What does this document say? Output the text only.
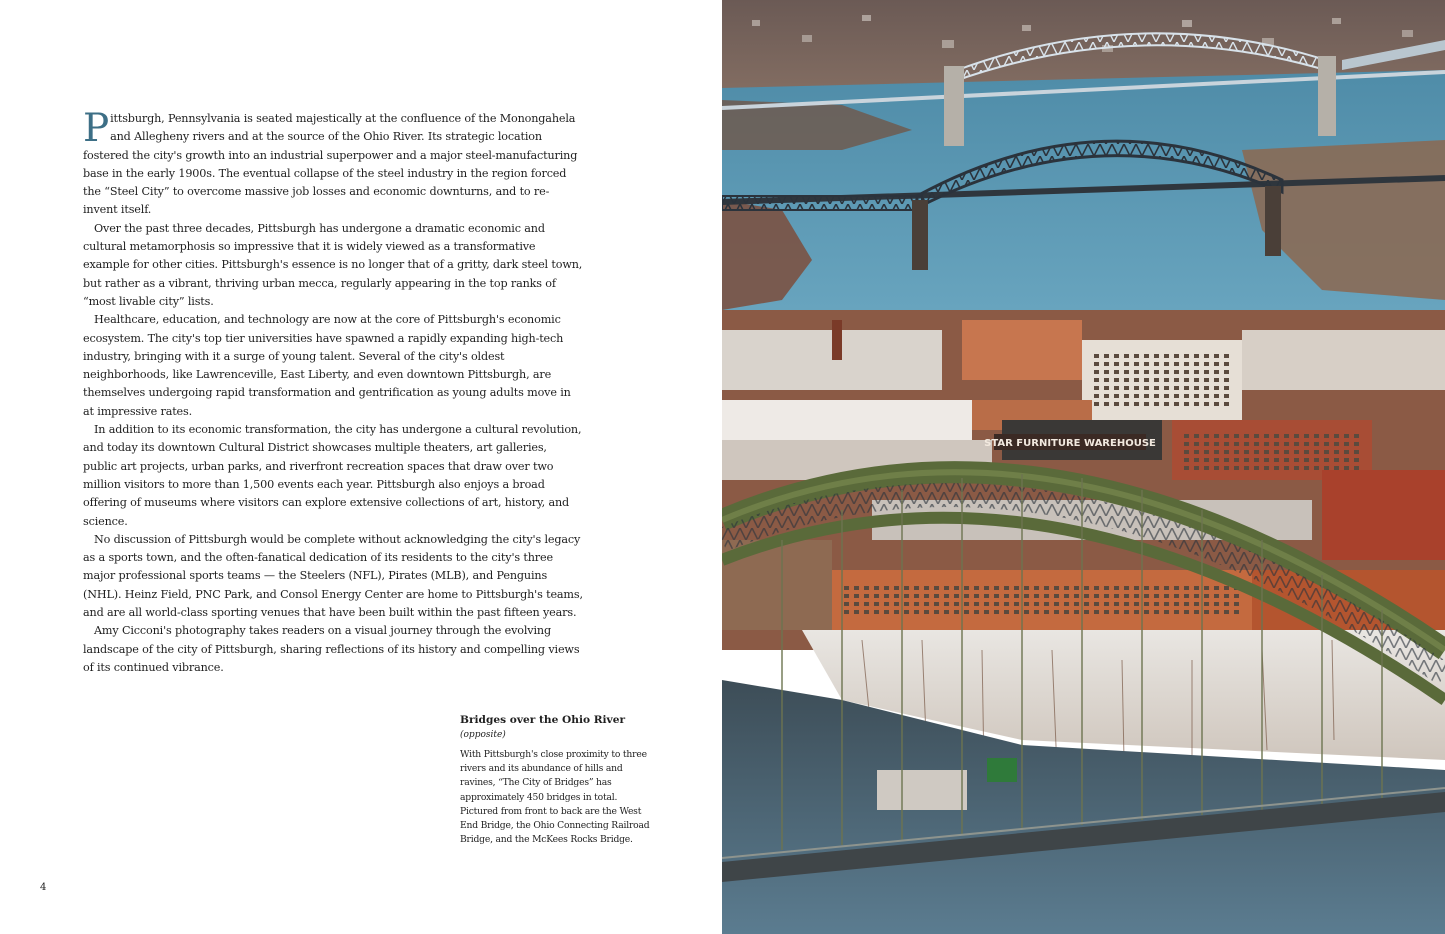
Pittsburgh, Pennsylvania is seated majestically at the confluence of the Monongahela and Allegheny rivers and at the source of the Ohio River. Its strategic location fostered the city's growth into an industrial superpower and a major steel-manufacturing base in the early 1900s. The eventual collapse of the steel industry in the region forced the “Steel City” to overcome massive job losses and economic downturns, and to re-invent itself.

Over the past three decades, Pittsburgh has undergone a dramatic economic and cultural metamorphosis so impressive that it is widely viewed as a transformative example for other cities. Pittsburgh's essence is no longer that of a gritty, dark steel town, but rather as a vibrant, thriving urban mecca, regularly appearing in the top ranks of “most livable city” lists.

Healthcare, education, and technology are now at the core of Pittsburgh's economic ecosystem. The city's top tier universities have spawned a rapidly expanding high-tech industry, bringing with it a surge of young talent. Several of the city's oldest neighborhoods, like Lawrenceville, East Liberty, and even downtown Pittsburgh, are themselves undergoing rapid transformation and gentrification as young adults move in at impressive rates.

In addition to its economic transformation, the city has undergone a cultural revolution, and today its downtown Cultural District showcases multiple theaters, art galleries, public art projects, urban parks, and riverfront recreation spaces that draw over two million visitors to more than 1,500 events each year. Pittsburgh also enjoys a broad offering of museums where visitors can explore extensive collections of art, history, and science.

No discussion of Pittsburgh would be complete without acknowledging the city's legacy as a sports town, and the often-fanatical dedication of its residents to the city's three major professional sports teams — the Steelers (NFL), Pirates (MLB), and Penguins (NHL). Heinz Field, PNC Park, and Consol Energy Center are home to Pittsburgh's teams, and are all world-class sporting venues that have been built within the past fifteen years.

Amy Cicconi's photography takes readers on a visual journey through the evolving landscape of the city of Pittsburgh, sharing reflections of its history and compelling views of its continued vibrance.

Bridges over the Ohio River
(opposite)
With Pittsburgh's close proximity to three rivers and its abundance of hills and ravines, “The City of Bridges” has approximately 450 bridges in total. Pictured from front to back are the West End Bridge, the Ohio Connecting Railroad Bridge, and the McKees Rocks Bridge.
4
STAR FURNITURE WAREHOUSE
